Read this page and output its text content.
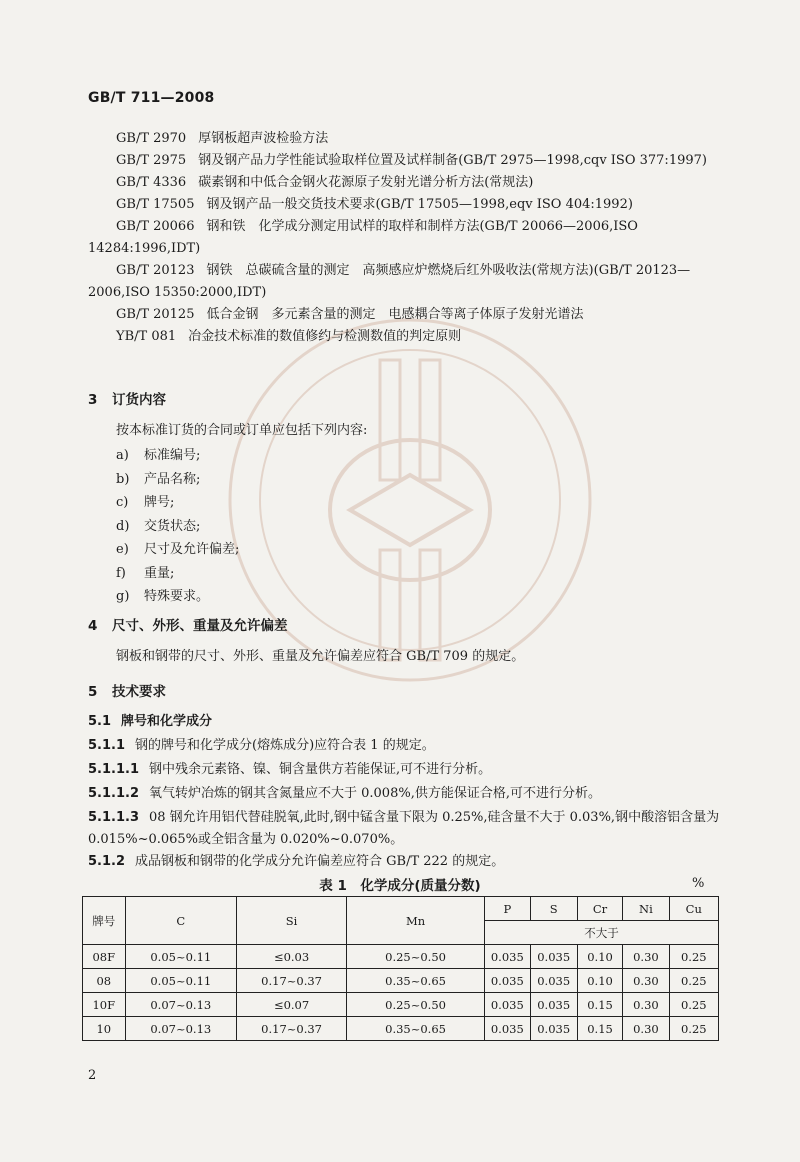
GB/T 711—2008

GB/T 2970 厚钢板超声波检验方法

GB/T 2975 钢及钢产品力学性能试验取样位置及试样制备(GB/T 2975—1998,cqv ISO 377:1997)

GB/T 4336 碳素钢和中低合金钢火花源原子发射光谱分析方法(常规法)

GB/T 17505 钢及钢产品一般交货技术要求(GB/T 17505—1998,eqv ISO 404:1992)

GB/T 20066 钢和铁　化学成分测定用试样的取样和制样方法(GB/T 20066—2006,ISO 14284:1996,IDT)

GB/T 20123 钢铁　总碳硫含量的测定　高频感应炉燃烧后红外吸收法(常规方法)(GB/T 20123—2006,ISO 15350:2000,IDT)

GB/T 20125 低合金钢　多元素含量的测定　电感耦合等离子体原子发射光谱法

YB/T 081 冶金技术标准的数值修约与检测数值的判定原则

3 订货内容
按本标准订货的合同或订单应包括下列内容:
a)	标准编号;
b)	产品名称;
c)	牌号;
d)	交货状态;
e)	尺寸及允许偏差;
f)	重量;
g)	特殊要求。
4 尺寸、外形、重量及允许偏差
钢板和钢带的尺寸、外形、重量及允许偏差应符合 GB/T 709 的规定。
5 技术要求
5.1 牌号和化学成分
5.1.1 钢的牌号和化学成分(熔炼成分)应符合表 1 的规定。
5.1.1.1 钢中残余元素铬、镍、铜含量供方若能保证,可不进行分析。
5.1.1.2 氧气转炉冶炼的钢其含氮量应不大于 0.008%,供方能保证合格,可不进行分析。
5.1.1.3 08 钢允许用铝代替硅脱氧,此时,钢中锰含量下限为 0.25%,硅含量不大于 0.03%,钢中酸溶铝含量为 0.015%~0.065%或全铝含量为 0.020%~0.070%。
5.1.2 成品钢板和钢带的化学成分允许偏差应符合 GB/T 222 的规定。
表 1　化学成分(质量分数)	%
牌号	C	Si	Mn	P	S	Cr	Ni	Cu
				不大于				
08F	0.05~0.11	≤0.03	0.25~0.50	0.035	0.035	0.10	0.30	0.25
08	0.05~0.11	0.17~0.37	0.35~0.65	0.035	0.035	0.10	0.30	0.25
10F	0.07~0.13	≤0.07	0.25~0.50	0.035	0.035	0.15	0.30	0.25
10	0.07~0.13	0.17~0.37	0.35~0.65	0.035	0.035	0.15	0.30	0.25
2
